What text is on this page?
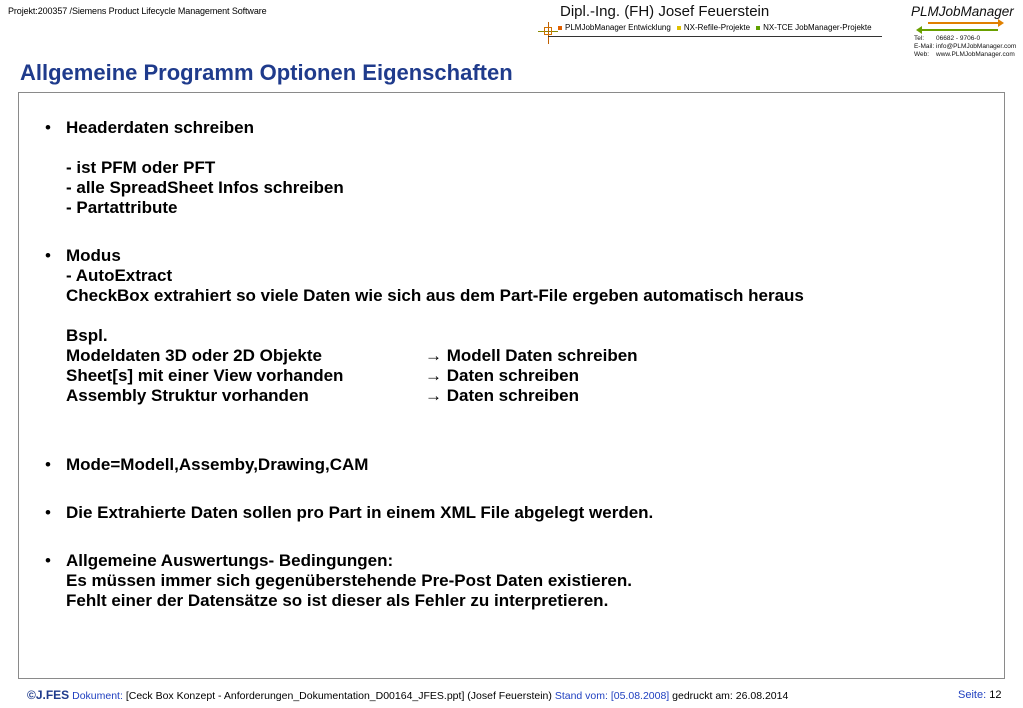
Projekt:200357 /Siemens Product Lifecycle Management Software	Dipl.-Ing. (FH) Josef Feuerstein	PLMJobManager
PLMJobManager Entwicklung	NX-Refile-Projekte	NX-TCE JobManager-Projekte
Tel: 06682 - 9706-0
E-Mail: info@PLMJobManager.com
Web: www.PLMJobManager.com
Allgemeine Programm Optionen Eigenschaften
• Headerdaten schreiben
- ist PFM oder PFT
- alle SpreadSheet Infos schreiben
- Partattribute
• Modus
- AutoExtract
CheckBox extrahiert so viele Daten wie sich aus dem Part-File ergeben automatisch heraus
Bspl.
Modeldaten 3D oder 2D Objekte	→ Modell Daten schreiben
Sheet[s] mit einer View vorhanden	→ Daten schreiben
Assembly Struktur vorhanden	→ Daten schreiben
• Mode=Modell,Assemby,Drawing,CAM
• Die Extrahierte Daten sollen pro Part in einem XML File abgelegt werden.
• Allgemeine Auswertungs- Bedingungen:
Es müssen immer sich gegenüberstehende Pre-Post Daten existieren.
Fehlt einer der Datensätze so ist dieser als Fehler zu interpretieren.
©J.FES Dokument: [Ceck Box Konzept - Anforderungen_Dokumentation_D00164_JFES.ppt] (Josef Feuerstein) Stand vom: [05.08.2008] gedruckt am: 26.08.2014	Seite: 12
